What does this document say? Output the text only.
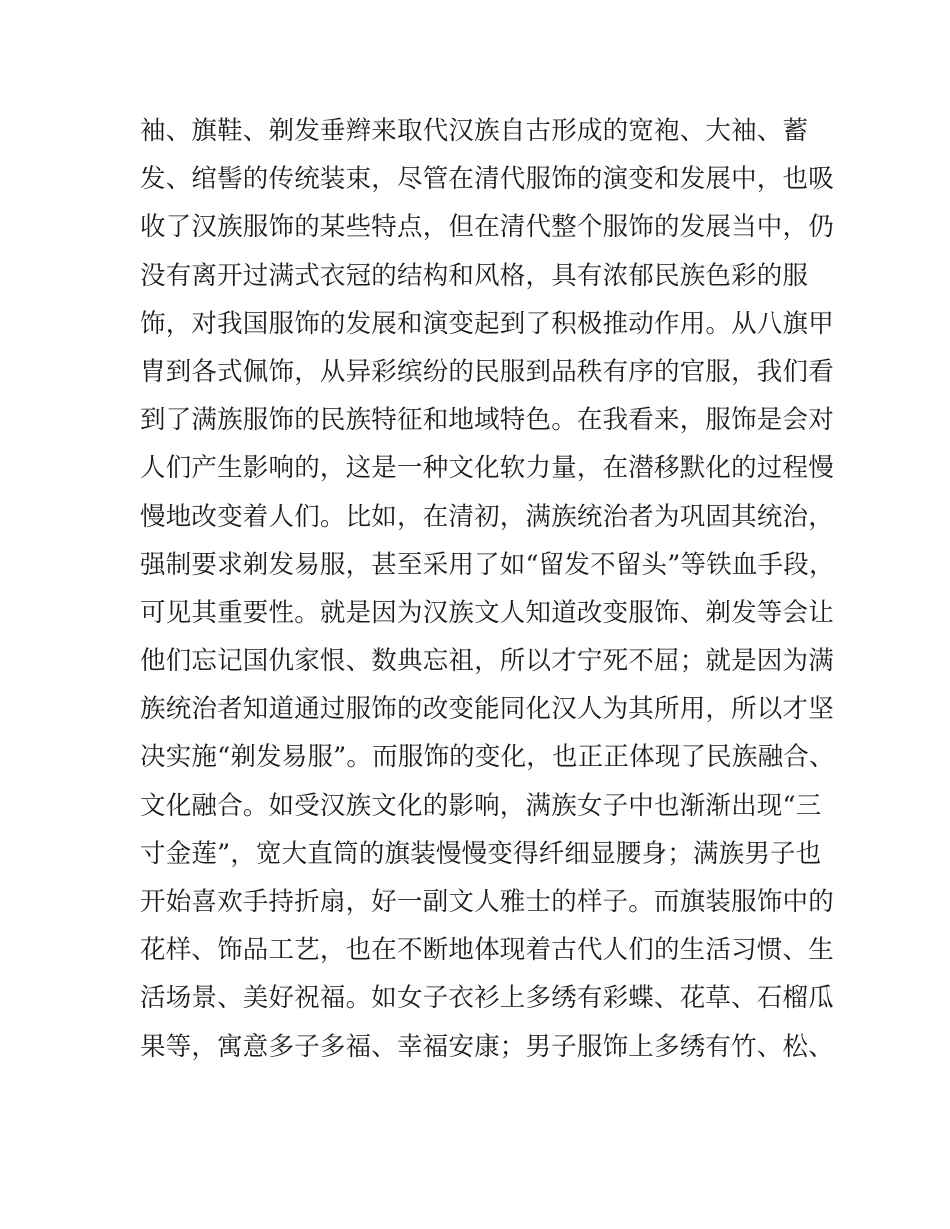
袖、旗鞋、剃发垂辫来取代汉族自古形成的宽袍、大袖、蓄
发、绾髻的传统装束，尽管在清代服饰的演变和发展中，也吸
收了汉族服饰的某些特点，但在清代整个服饰的发展当中，仍
没有离开过满式衣冠的结构和风格，具有浓郁民族色彩的服
饰，对我国服饰的发展和演变起到了积极推动作用。从八旗甲
胄到各式佩饰，从异彩缤纷的民服到品秩有序的官服，我们看
到了满族服饰的民族特征和地域特色。在我看来，服饰是会对
人们产生影响的，这是一种文化软力量，在潜移默化的过程慢
慢地改变着人们。比如，在清初，满族统治者为巩固其统治，
强制要求剃发易服，甚至采用了如“留发不留头”等铁血手段，
可见其重要性。就是因为汉族文人知道改变服饰、剃发等会让
他们忘记国仇家恨、数典忘祖，所以才宁死不屈；就是因为满
族统治者知道通过服饰的改变能同化汉人为其所用，所以才坚
决实施“剃发易服”。而服饰的变化，也正正体现了民族融合、
文化融合。如受汉族文化的影响，满族女子中也渐渐出现“三
寸金莲”，宽大直筒的旗装慢慢变得纤细显腰身；满族男子也
开始喜欢手持折扇，好一副文人雅士的样子。而旗装服饰中的
花样、饰品工艺，也在不断地体现着古代人们的生活习惯、生
活场景、美好祝福。如女子衣衫上多绣有彩蝶、花草、石榴瓜
果等，寓意多子多福、幸福安康；男子服饰上多绣有竹、松、
